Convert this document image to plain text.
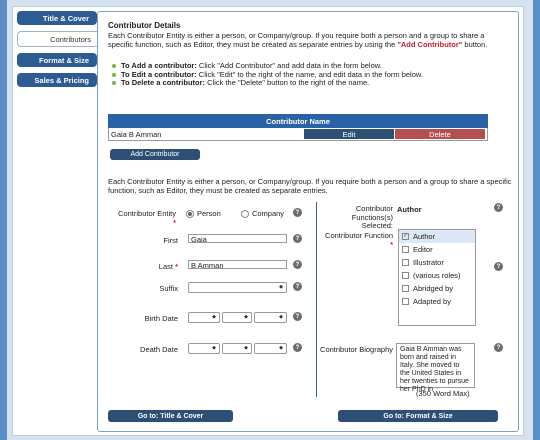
Title & Cover
Contributors
Format & Size
Sales & Pricing
Contributor Details
Each Contributor Entity is either a person, or Company/group. If you require both a person and a group to share a specific function, such as Editor, they must be created as separate entries by using the "Add Contributor" button.
To Add a contributor: Click "Add Contributor" and add data in the form below.
To Edit a contributor: Click "Edit" to the right of the name, and edit data in the form below.
To Delete a contributor: Click the "Delete" button to the right of the name.
Contributor Name
Gaia B Amman	Edit	Delete
Add Contributor
Each Contributor Entity is either a person, or Company/group. If you require both a person and a group to share a specific function, such as Editor, they must be created as separate entries.
Contributor Entity
*
Person	Company	?
First	Gaia	?
Last *	B Amman	?
Suffix ◆	?
Birth Date ◆ ◆ ◆	?
Death Date ◆ ◆ ◆	?
Contributor Functions(s) Selected:
Author	?
Contributor Function
*
✓ Author
Editor
Illustrator
(various roles)
Abridged by
Adapted by
?
Contributor Biography	Gaia B Amman was born and raised in Italy. She moved to the United States in her twenties to pursue her PhD in
?
(350 Word Max)
Go to: Title & Cover	Go to: Format & Size
